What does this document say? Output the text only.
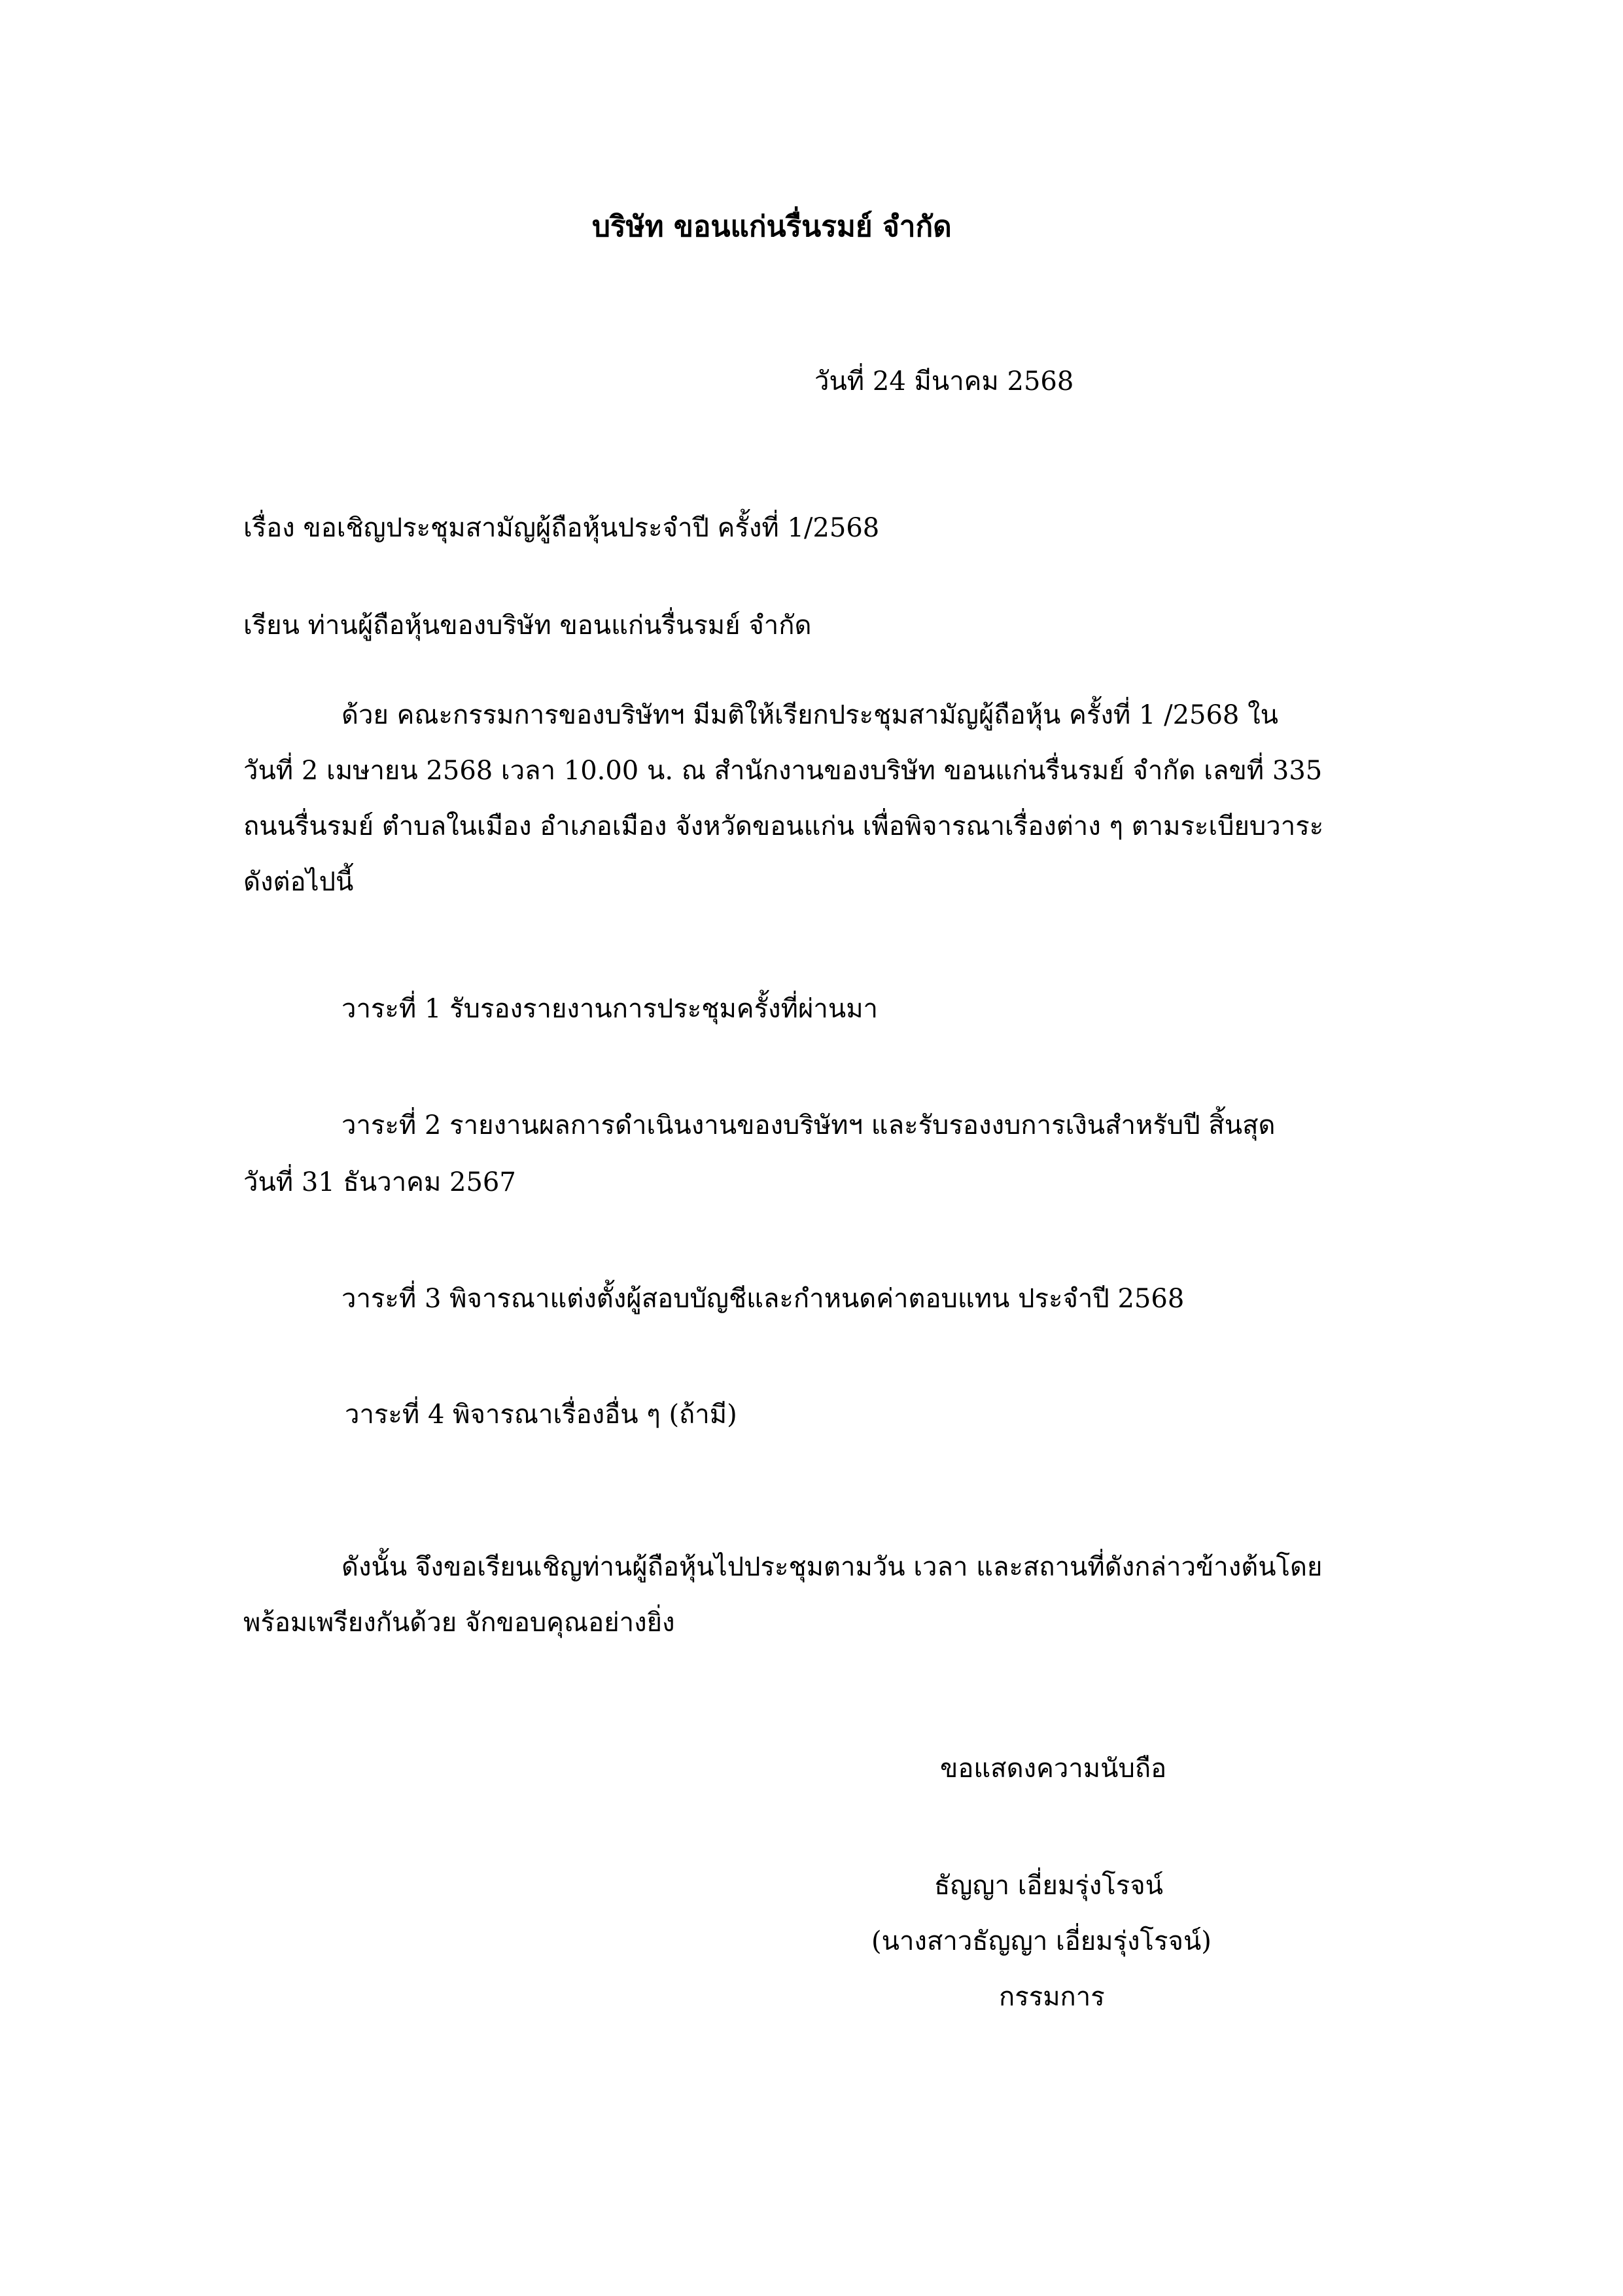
บริษัท ขอนแก่นรื่นรมย์ จำกัด
วันที่ 24 มีนาคม 2568
เรื่อง ขอเชิญประชุมสามัญผู้ถือหุ้นประจำปี ครั้งที่ 1/2568
เรียน ท่านผู้ถือหุ้นของบริษัท ขอนแก่นรื่นรมย์ จำกัด
ด้วย คณะกรรมการของบริษัทฯ มีมติให้เรียกประชุมสามัญผู้ถือหุ้น ครั้งที่ 1 /2568 ใน
วันที่ 2 เมษายน 2568 เวลา 10.00 น. ณ สำนักงานของบริษัท ขอนแก่นรื่นรมย์ จำกัด เลขที่ 335
ถนนรื่นรมย์ ตำบลในเมือง อำเภอเมือง จังหวัดขอนแก่น เพื่อพิจารณาเรื่องต่าง ๆ ตามระเบียบวาระ
ดังต่อไปนี้
วาระที่ 1 รับรองรายงานการประชุมครั้งที่ผ่านมา
วาระที่ 2 รายงานผลการดำเนินงานของบริษัทฯ และรับรองงบการเงินสำหรับปี สิ้นสุด
วันที่ 31 ธันวาคม 2567
วาระที่ 3 พิจารณาแต่งตั้งผู้สอบบัญชีและกำหนดค่าตอบแทน ประจำปี 2568
วาระที่ 4 พิจารณาเรื่องอื่น ๆ (ถ้ามี)
ดังนั้น จึงขอเรียนเชิญท่านผู้ถือหุ้นไปประชุมตามวัน เวลา และสถานที่ดังกล่าวข้างต้นโดย
พร้อมเพรียงกันด้วย จักขอบคุณอย่างยิ่ง
ขอแสดงความนับถือ
ธัญญา เอี่ยมรุ่งโรจน์
(นางสาวธัญญา เอี่ยมรุ่งโรจน์)
กรรมการ
